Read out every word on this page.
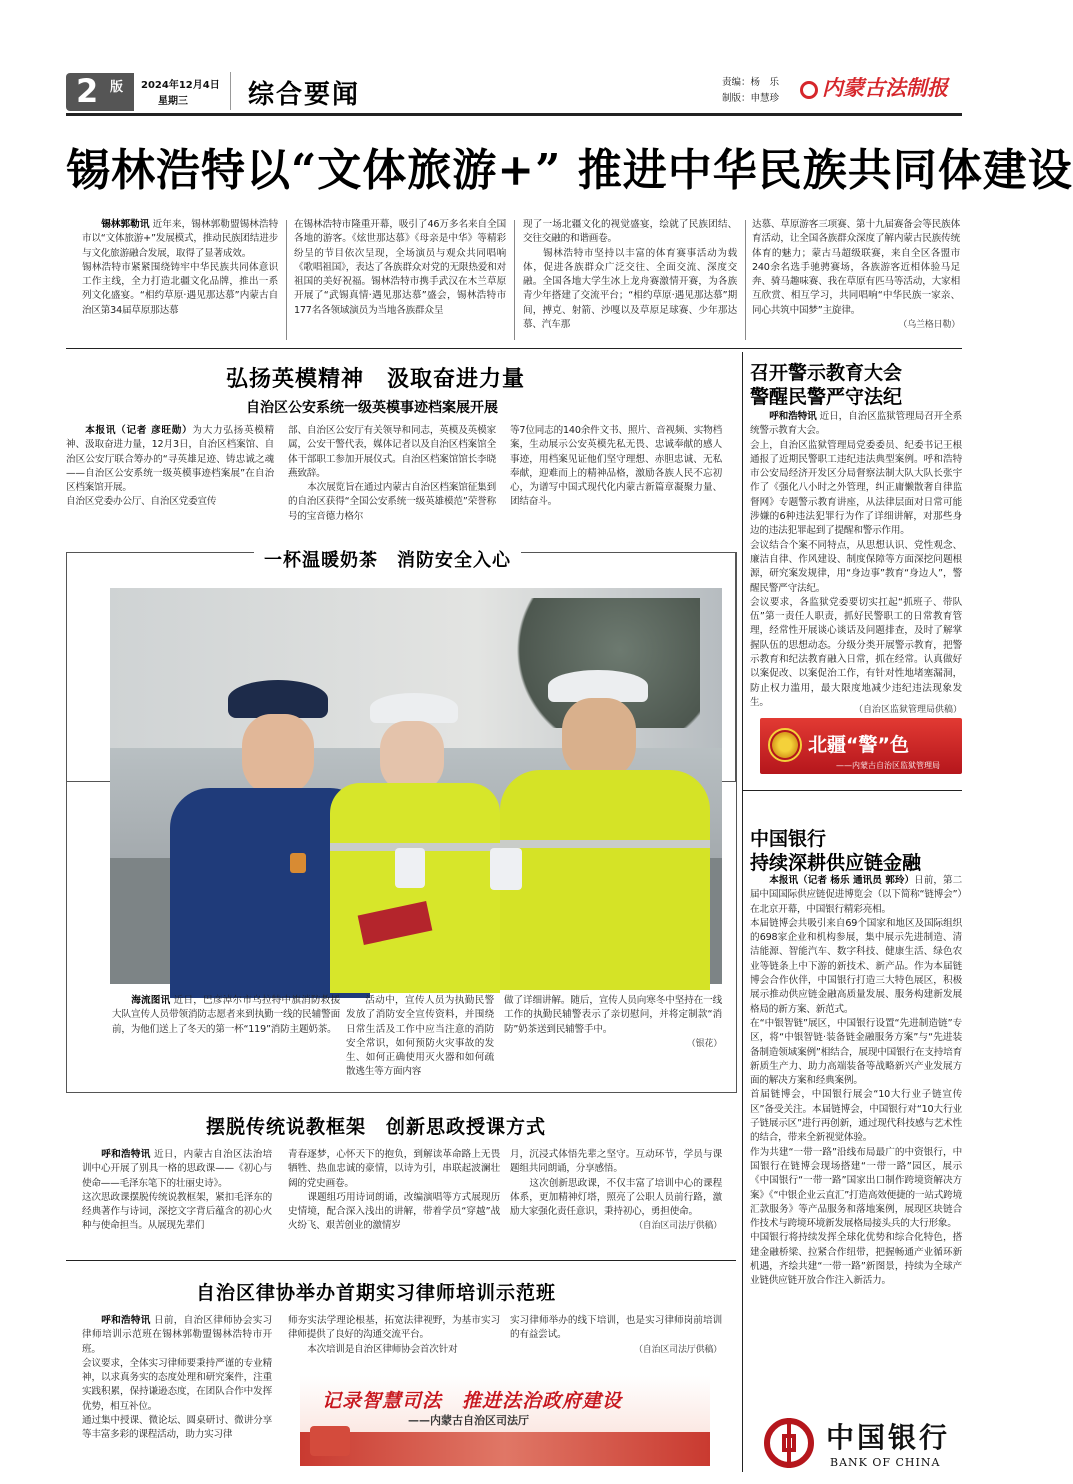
2 版 2024年12月4日
星期三 综合要闻	责编：杨　乐
制版：申慧珍	内蒙古法制报
锡林浩特以“文体旅游+” 推进中华民族共同体建设
锡林郭勒讯 近年来，锡林郭勒盟锡林浩特市以“文体旅游+”发展模式，推动民族团结进步与文化旅游融合发展，取得了显著成效。
锡林浩特市紧紧围绕铸牢中华民族共同体意识工作主线，全力打造北疆文化品牌，推出一系列文化盛宴。“相约草原·遇见那达慕”内蒙古自治区第34届草原那达慕
在锡林浩特市隆重开幕，吸引了46万多名来自全国各地的游客。《炫世那达慕》《母亲是中华》等精彩纷呈的节目依次呈现，全场演员与观众共同唱响《歌唱祖国》，表达了各族群众对党的无限热爱和对祖国的美好祝福。锡林浩特市携手武汉在木兰草原开展了“武锡真情·遇见那达慕”盛会，锡林浩特市177名各领域演员为当地各族群众呈
现了一场北疆文化的视觉盛宴，绘就了民族团结、交往交融的和谐画卷。
锡林浩特市坚持以丰富的体育赛事活动为载体，促进各族群众广泛交往、全面交流、深度交融。全国各地大学生冰上龙舟赛激情开赛，为各族青少年搭建了交流平台；“相约草原·遇见那达慕”期间，搏克、射箭、沙嘎以及草原足球赛、少年那达慕、汽车那
达慕、草原游客三项赛、第十九届赛备会等民族体育活动，让全国各族群众深度了解内蒙古民族传统体育的魅力；蒙古马超级联赛，来自全区各盟市240余名选手驰骋赛场，各族游客近相体验马足奔、骑马趣味赛、我在草原有匹马等活动，大家相互欣赏、相互学习，共同唱响“中华民族一家亲、同心共筑中国梦”主旋律。
（乌兰格日勒）
弘扬英模精神　汲取奋进力量
自治区公安系统一级英模事迹档案展开展
本报讯（记者 彦旺勋）为大力弘扬英模精神、汲取奋进力量，12月3日，自治区档案馆、自治区公安厅联合筹办的“寻英雄足迹、铸忠诚之魂——自治区公安系统一级英模事迹档案展”在自治区档案馆开展。
自治区党委办公厅、自治区党委宣传
部、自治区公安厅有关领导和同志，英模及英模家属，公安干警代表，媒体记者以及自治区档案馆全体干部职工参加开展仪式。自治区档案馆馆长李晓燕致辞。
本次展览旨在通过内蒙古自治区档案馆征集到的自治区获得“全国公安系统一级英雄模范”荣誉称号的宝音德力格尔
等7位同志的140余件文书、照片、音视频、实物档案，生动展示公安英模先私无畏、忠诚奉献的感人事迹，用档案见证他们坚守理想、赤胆忠诚、无私奉献，迎难而上的精神品格，激励各族人民不忘初心，为谱写中国式现代化内蒙古新篇章凝聚力量、团结奋斗。
一杯温暖奶茶　消防安全入心
海流图讯 近日，巴彦淖尔市乌拉特中旗消防救援大队宣传人员带领消防志愿者来到执勤一线的民辅警面前，为他们送上了冬天的第一杯“119”消防主题奶茶。
活动中，宣传人员为执勤民警发放了消防安全宣传资料，并围绕日常生活及工作中应当注意的消防安全常识，如何预防火灾事故的发生、如何正确使用灭火器和如何疏散逃生等方面内容
做了详细讲解。随后，宣传人员向寒冬中坚持在一线工作的执勤民辅警表示了亲切慰问，并将定制款“消防”奶茶送到民辅警手中。
（银花）
摆脱传统说教框架　创新思政授课方式
呼和浩特讯 近日，内蒙古自治区法治培训中心开展了别具一格的思政课——《初心与使命——毛泽东笔下的壮丽史诗》。
这次思政课摆脱传统说教框架，紧扣毛泽东的经典著作与诗词，深挖文字背后蕴含的初心火种与使命担当。从展现先辈们
青春逐梦，心怀天下的抱负，到解读革命路上无畏牺牲、热血忠诚的豪情，以诗为引，串联起波澜壮阔的党史画卷。
课题组巧用诗词朗诵，改编演唱等方式展现历史情境，配合深入浅出的讲解，带着学员“穿越”战火纷飞、艰苦创业的激情岁
月，沉浸式体悟先辈之坚守。互动环节，学员与课题组共同朗诵，分享感悟。
这次创新思政课，不仅丰富了培训中心的课程体系，更加精神灯塔，照亮了公职人员前行路，激励大家强化责任意识，秉持初心，勇担使命。
（自治区司法厅供稿）
自治区律协举办首期实习律师培训示范班
呼和浩特讯 日前，自治区律师协会实习律师培训示范班在锡林郭勒盟锡林浩特市开班。
会议要求，全体实习律师要秉持严谨的专业精神，以求真务实的态度处理和研究案件，注重实践积累，保持谦逊态度，在团队合作中发挥优势，相互补位。
通过集中授课、微论坛、圆桌研讨、微讲分享等丰富多彩的课程活动，助力实习律
师夯实法学理论根基，拓宽法律视野，为基市实习律师提供了良好的沟通交流平台。
本次培训是自治区律师协会首次针对
实习律师举办的线下培训，也是实习律师岗前培训的有益尝试。
（自治区司法厅供稿）
记录智慧司法　推进法治政府建设
——内蒙古自治区司法厅
召开警示教育大会
警醒民警严守法纪
呼和浩特讯 近日，自治区监狱管理局召开全系统警示教育大会。
会上，自治区监狱管理局党委委员、纪委书记王根通报了近期民警职工违纪违法典型案例。呼和浩特市公安局经济开发区分局督察法制大队大队长张宇作了《强化八小时之外管理，纠正庸懒散奢自律监督网》专题警示教育讲座，从法律层面对日常可能涉嫌的6种违法犯罪行为作了详细讲解，对那些身边的违法犯罪起到了提醒和警示作用。
会议结合个案不同特点，从思想认识、党性观念、廉洁自律、作风建设、制度保障等方面深挖问题根源，研究案发规律，用“身边事”教育“身边人”，警醒民警严守法纪。
会议要求，各监狱党委要切实扛起“抓班子、带队伍”第一责任人职责，抓好民警职工的日常教育管理，经常性开展谈心谈话及问题排查，及时了解掌握队伍的思想动态。分级分类开展警示教育，把警示教育和纪法教育融入日常，抓在经常。认真做好以案促改、以案促治工作，有针对性地堵塞漏洞，防止权力滥用，最大限度地减少违纪违法现象发生。
（自治区监狱管理局供稿）
北疆“警”色
——内蒙古自治区监狱管理局
中国银行
持续深耕供应链金融
本报讯（记者 杨乐 通讯员 郭玲）日前，第二届中国国际供应链促进博览会（以下简称“链博会”）在北京开幕，中国银行精彩亮相。
本届链博会共吸引来自69个国家和地区及国际组织的698家企业和机构参展，集中展示先进制造、清洁能源、智能汽车、数字科技、健康生活、绿色农业等链条上中下游的新技术、新产品。作为本届链博会合作伙伴，中国银行打造三大特色展区，积极展示推动供应链金融高质量发展、服务构建新发展格局的新方案、新范式。
在“中银智链”展区，中国银行设置“先进制造链”专区，将“中银智链·装备链金融服务方案”与“先进装备制造领域案例”相结合，展现中国银行在支持培育新质生产力、助力高端装备等战略新兴产业发展方面的解决方案和经典案例。
首届链博会，中国银行展会“10大行业子链宣传区”备受关注。本届链博会，中国银行对“10大行业子链展示区”进行再创新，通过现代科技感与艺术性的结合，带来全新视觉体验。
作为共建“一带一路”沿线布局最广的中资银行，中国银行在链博会现场搭建“一带一路”园区，展示《中国银行“一带一路”国家出口制作跨境资解决方案》《“中银企业云直汇”打造高效便捷的一站式跨境汇款服务》等产品服务和落地案例，展现区块链合作技术与跨境环境新发展格局接头兵的大行形象。
中国银行将持续发挥全球化优势和综合化特色，搭建金融桥梁、拉紧合作纽带，把握畅通产业循环新机遇，齐绘共建“一带一路”新图景，持续为全球产业链供应链开放合作注入新活力。
中国银行
BANK OF CHINA
